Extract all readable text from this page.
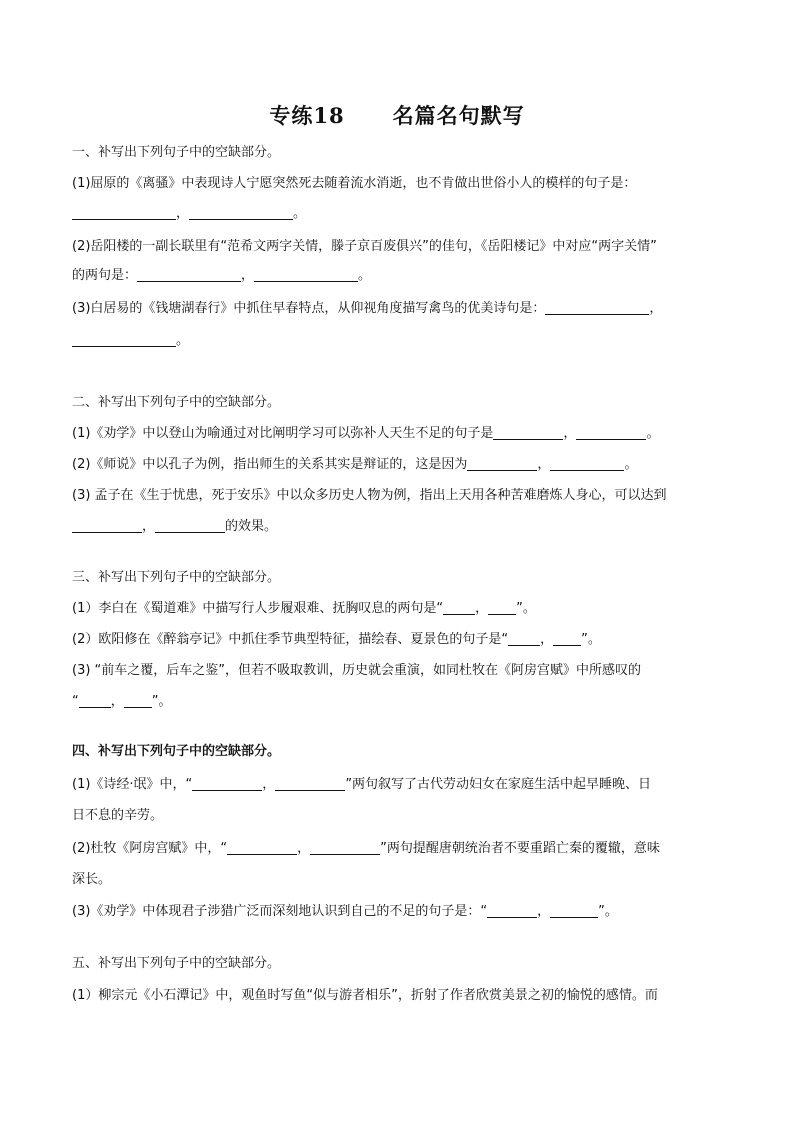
专练18 名篇名句默写
一、补写出下列句子中的空缺部分。
(1)屈原的《离骚》中表现诗人宁愿突然死去随着流水消逝，也不肯做出世俗小人的模样的句子是：
，	。
(2)岳阳楼的一副长联里有“范希文两字关情，滕子京百废俱兴”的佳句，《岳阳楼记》中对应“两字关情”
的两句是：	，	。
(3)白居易的《钱塘湖春行》中抓住早春特点，从仰视角度描写禽鸟的优美诗句是：	，
。
二、补写出下列句子中的空缺部分。
(1)《劝学》中以登山为喻通过对比阐明学习可以弥补人天生不足的句子是	，	。
(2)《师说》中以孔子为例，指出师生的关系其实是辩证的，这是因为	，	。
(3) 孟子在《生于忧患，死于安乐》中以众多历史人物为例，指出上天用各种苦难磨炼人身心，可以达到
，	的效果。
三、补写出下列句子中的空缺部分。
(1）李白在《蜀道难》中描写行人步履艰难、抚胸叹息的两句是“ ， ”。
(2）欧阳修在《醉翁亭记》中抓住季节典型特征，描绘春、夏景色的句子是“ ， ”。
(3) “前车之覆，后车之鉴”，但若不吸取教训，历史就会重演，如同杜牧在《阿房宫赋》中所感叹的
“ ， ”。
四、补写出下列句子中的空缺部分。
(1)《诗经·氓》中，“	，	”两句叙写了古代劳动妇女在家庭生活中起早睡晚、日
日不息的辛劳。
(2)杜牧《阿房宫赋》中，“	，	”两句提醒唐朝统治者不要重蹈亡秦的覆辙，意味
深长。
(3)《劝学》中体现君子涉猎广泛而深刻地认识到自己的不足的句子是：“	，	”。
五、补写出下列句子中的空缺部分。
(1）柳宗元《小石潭记》中，观鱼时写鱼“似与游者相乐”，折射了作者欣赏美景之初的愉悦的感情。而
